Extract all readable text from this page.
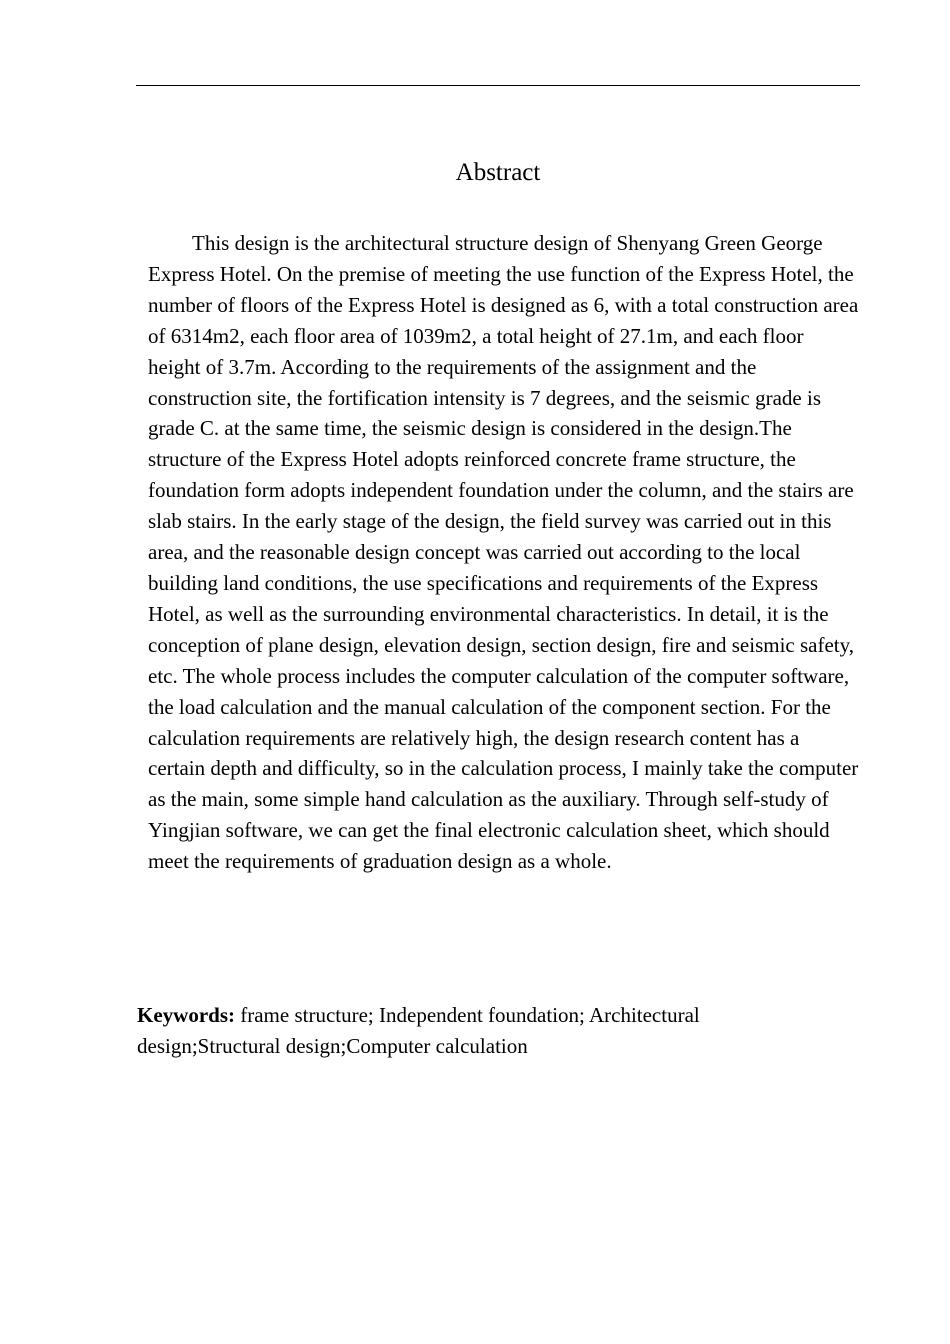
Abstract

This design is the architectural structure design of Shenyang Green George Express Hotel. On the premise of meeting the use function of the Express Hotel, the number of floors of the Express Hotel is designed as 6, with a total construction area of 6314m2, each floor area of 1039m2, a total height of 27.1m, and each floor height of 3.7m. According to the requirements of the assignment and the construction site, the fortification intensity is 7 degrees, and the seismic grade is grade C. at the same time, the seismic design is considered in the design.The structure of the Express Hotel adopts reinforced concrete frame structure, the foundation form adopts independent foundation under the column, and the stairs are slab stairs. In the early stage of the design, the field survey was carried out in this area, and the reasonable design concept was carried out according to the local building land conditions, the use specifications and requirements of the Express Hotel, as well as the surrounding environmental characteristics. In detail, it is the conception of plane design, elevation design, section design, fire and seismic safety, etc. The whole process includes the computer calculation of the computer software, the load calculation and the manual calculation of the component section. For the calculation requirements are relatively high, the design research content has a certain depth and difficulty, so in the calculation process, I mainly take the computer as the main, some simple hand calculation as the auxiliary. Through self-study of Yingjian software, we can get the final electronic calculation sheet, which should meet the requirements of graduation design as a whole.

Keywords: frame structure; Independent foundation; Architectural design;Structural design;Computer calculation
